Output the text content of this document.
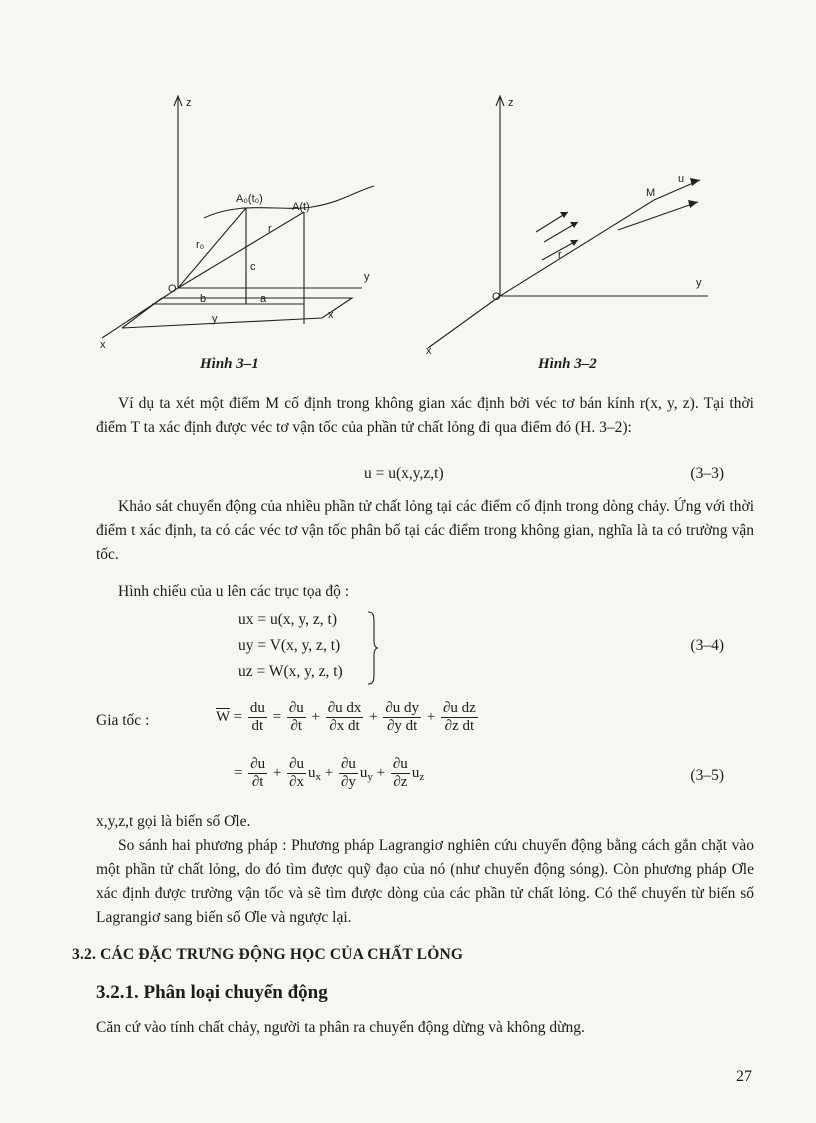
z
y
x
O
A₀(t₀)
A(t)
r₀
r
c
b	a
y	x
Hình 3–1
z
y
x
O
M
u
r
Hình 3–2
Ví dụ ta xét một điểm M cố định trong không gian xác định bởi véc tơ bán kính r(x, y, z). Tại thời điểm T ta xác định được véc tơ vận tốc của phần tử chất lỏng đi qua điểm đó (H. 3–2):
u = u(x,y,z,t)	(3–3)
Khảo sát chuyển động của nhiều phần tử chất lỏng tại các điểm cố định trong dòng chảy. Ứng với thời điểm t xác định, ta có các véc tơ vận tốc phân bố tại các điểm trong không gian, nghĩa là ta có trường vận tốc.
Hình chiếu của u lên các trục tọa độ :
ux = u(x, y, z, t)
uy = V(x, y, z, t)
uz = W(x, y, z, t)
(3–4)
Gia tốc :	$\overline{W} = \frac{du}{dt} = \frac{\partial u}{\partial t} + \frac{\text{∂u dx}}{\text{∂x dt}} + \frac{\text{∂u dy}}{\text{∂y dt}} + \frac{\text{∂u dz}}{\text{∂z dt}}$
= $\frac{\partial u}{\partial t} + \frac{\partial u}{\partial x} u_x + \frac{\partial u}{\partial y} u_y + \frac{\partial u}{\partial z} u_z$	(3–5)
x,y,z,t gọi là biến số Ơle.
So sánh hai phương pháp : Phương pháp Lagrangiơ nghiên cứu chuyển động bằng cách gắn chặt vào một phần tử chất lỏng, do đó tìm được quỹ đạo của nó (như chuyển động sóng). Còn phương pháp Ơle xác định được trường vận tốc và sẽ tìm được dòng của các phần tử chất lỏng. Có thể chuyển từ biến số Lagrangiơ sang biến số Ơle và ngược lại.
3.2. CÁC ĐẶC TRƯNG ĐỘNG HỌC CỦA CHẤT LỎNG
3.2.1. Phân loại chuyển động
Căn cứ vào tính chất chảy, người ta phân ra chuyển động dừng và không dừng.
27
